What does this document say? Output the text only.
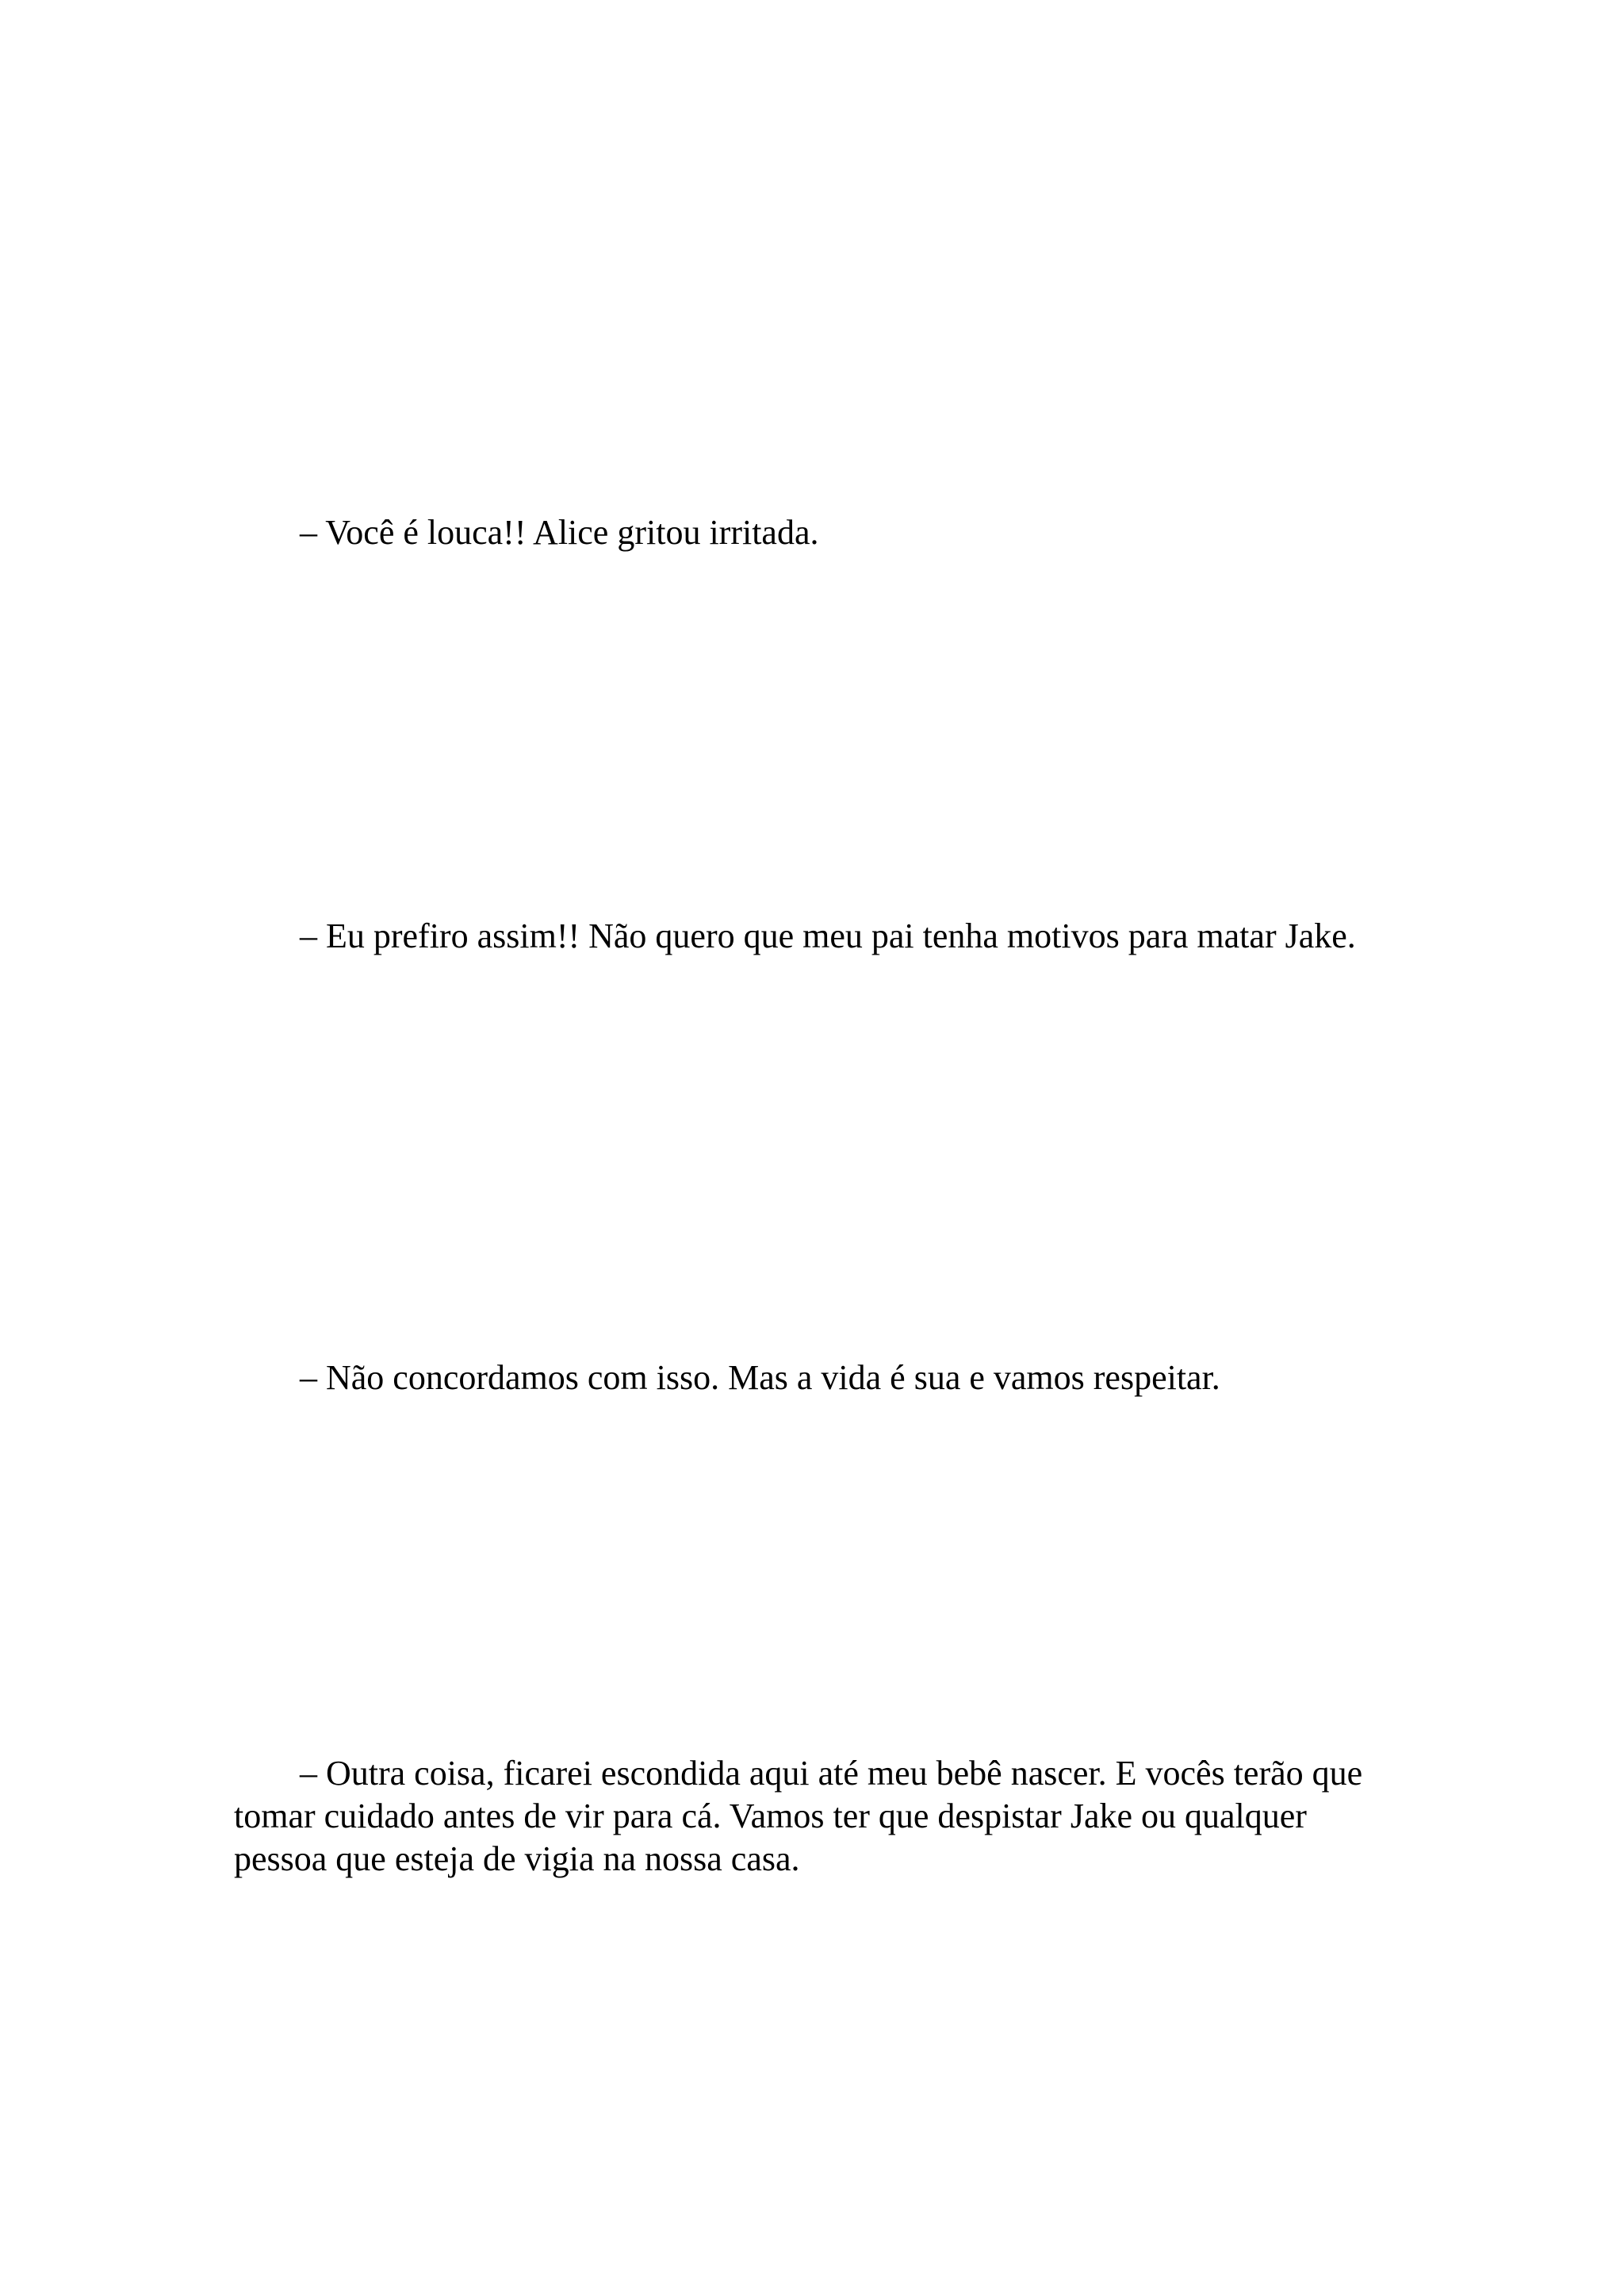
– Você é louca!! Alice gritou irritada.

– Eu prefiro assim!! Não quero que meu pai tenha motivos para matar Jake.

– Não concordamos com isso. Mas a vida é sua e vamos respeitar.

– Outra coisa, ficarei escondida aqui até meu bebê nascer. E vocês terão que tomar cuidado antes de vir para cá. Vamos ter que despistar Jake ou qualquer pessoa que esteja de vigia na nossa casa.
